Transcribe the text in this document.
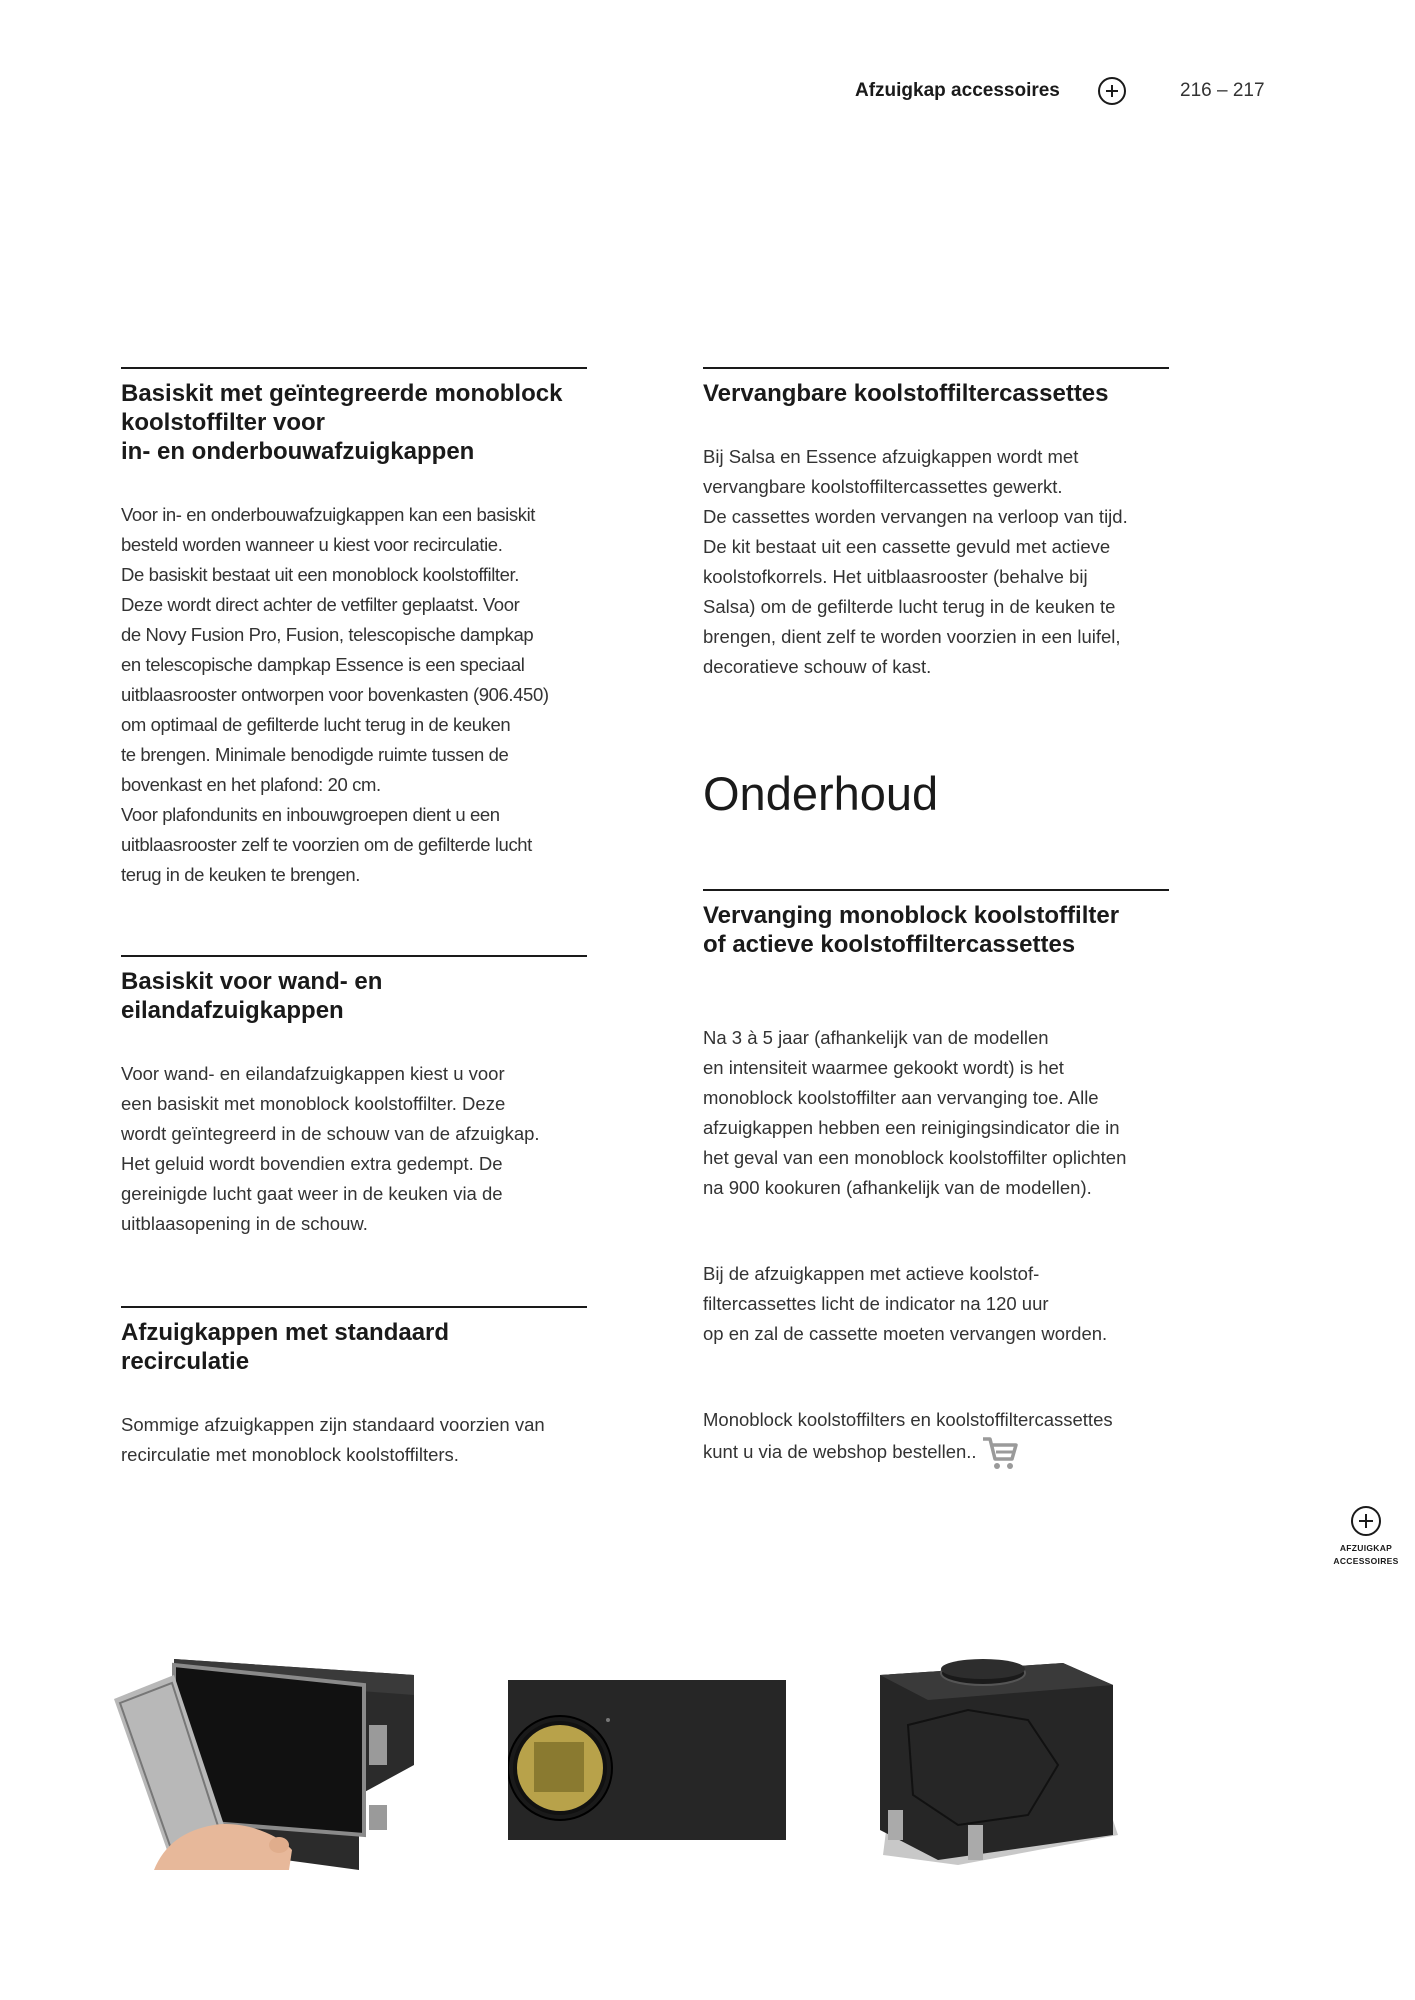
Afzuigkap accessoires	216 – 217
Basiskit met geïntegreerde monoblock
koolstoffilter voor
in- en onderbouwafzuigkappen
Voor in- en onderbouwafzuigkappen kan een basiskit
besteld worden wanneer u kiest voor recirculatie.
De basiskit bestaat uit een monoblock koolstoffilter.
Deze wordt direct achter de vetfilter geplaatst. Voor
de Novy Fusion Pro, Fusion, telescopische dampkap
en telescopische dampkap Essence is een speciaal
uitblaasrooster ontworpen voor bovenkasten (906.450)
om optimaal de gefilterde lucht terug in de keuken
te brengen. Minimale benodigde ruimte tussen de
bovenkast en het plafond: 20 cm.
Voor plafondunits en inbouwgroepen dient u een
uitblaasrooster zelf te voorzien om de gefilterde lucht
terug in de keuken te brengen.
Basiskit voor wand- en
eilandafzuigkappen
Voor wand- en eilandafzuigkappen kiest u voor
een basiskit met monoblock koolstoffilter. Deze
wordt geïntegreerd in de schouw van de afzuigkap.
Het geluid wordt bovendien extra gedempt. De
gereinigde lucht gaat weer in de keuken via de
uitblaasopening in de schouw.
Afzuigkappen met standaard
recirculatie
Sommige afzuigkappen zijn standaard voorzien van
recirculatie met monoblock koolstoffilters.
Vervangbare koolstoffiltercassettes
Bij Salsa en Essence afzuigkappen wordt met
vervangbare koolstoffiltercassettes gewerkt.
De cassettes worden vervangen na verloop van tijd.
De kit bestaat uit een cassette gevuld met actieve
koolstofkorrels. Het uitblaasrooster (behalve bij
Salsa) om de gefilterde lucht terug in de keuken te
brengen, dient zelf te worden voorzien in een luifel,
decoratieve schouw of kast.
Onderhoud
Vervanging monoblock koolstoffilter
of actieve koolstoffiltercassettes

Na 3 à 5 jaar (afhankelijk van de modellen
en intensiteit waarmee gekookt wordt) is het
monoblock koolstoffilter aan vervanging toe. Alle
afzuigkappen hebben een reinigingsindicator die in
het geval van een monoblock koolstoffilter oplichten
na 900 kookuren (afhankelijk van de modellen).

Bij de afzuigkappen met actieve koolstof-
filtercassettes licht de indicator na 120 uur
op en zal de cassette moeten vervangen worden.

Monoblock koolstoffilters en koolstoffiltercassettes
kunt u via de webshop bestellen..

AFZUIGKAP
ACCESSOIRES
